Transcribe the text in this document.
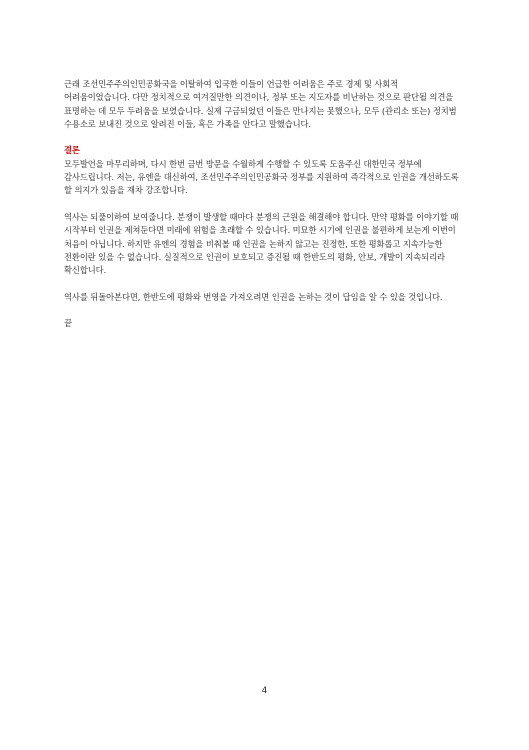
근래 조선민주주의인민공화국을 이탈하여 입국한 이들이 언급한 어려움은 주로 경제 및 사회적 어려움이었습니다. 다만 정치적으로 여겨질만한 의견이나, 정부 또는 지도자를 비난하는 것으로 판단될 의견을 표명하는 데 모두 두려움을 보였습니다. 실제 구금되었던 이들은 만나지는 못했으나, 모두 (관리소 또는) 정치범 수용소로 보내진 것으로 알려진 이들, 혹은 가족을 안다고 말했습니다.

결론

모두발언을 마무리하며, 다시 한번 금번 방문을 수월하게 수행할 수 있도록 도움주신 대한민국 정부에 감사드립니다. 저는, 유엔을 대신하여, 조선민주주의인민공화국 정부를 지원하여 즉각적으로 인권을 개선하도록 할 의지가 있음을 재차 강조합니다.

역사는 되풀이하여 보여줍니다. 분쟁이 발생할 때마다 분쟁의 근원을 해결해야 합니다. 만약 평화를 이야기할 때 시작부터 인권을 제쳐둔다면 미래에 위험을 초래할 수 있습니다. 미묘한 시기에 인권을 불편하게 보는게 이번이 처음이 아닙니다. 하지만 유엔의 경험을 비춰볼 때 인권을 논하지 않고는 진정한, 또한 평화롭고 지속가능한 전환이란 있을 수 없습니다. 실질적으로 인권이 보호되고 증진될 때 한반도의 평화, 안보, 개발이 지속되리라 확신합니다.

역사를 뒤돌아본다면, 한반도에 평화와 번영을 가져오려면 인권을 논하는 것이 답임을 알 수 있을 것입니다.

끝

4
